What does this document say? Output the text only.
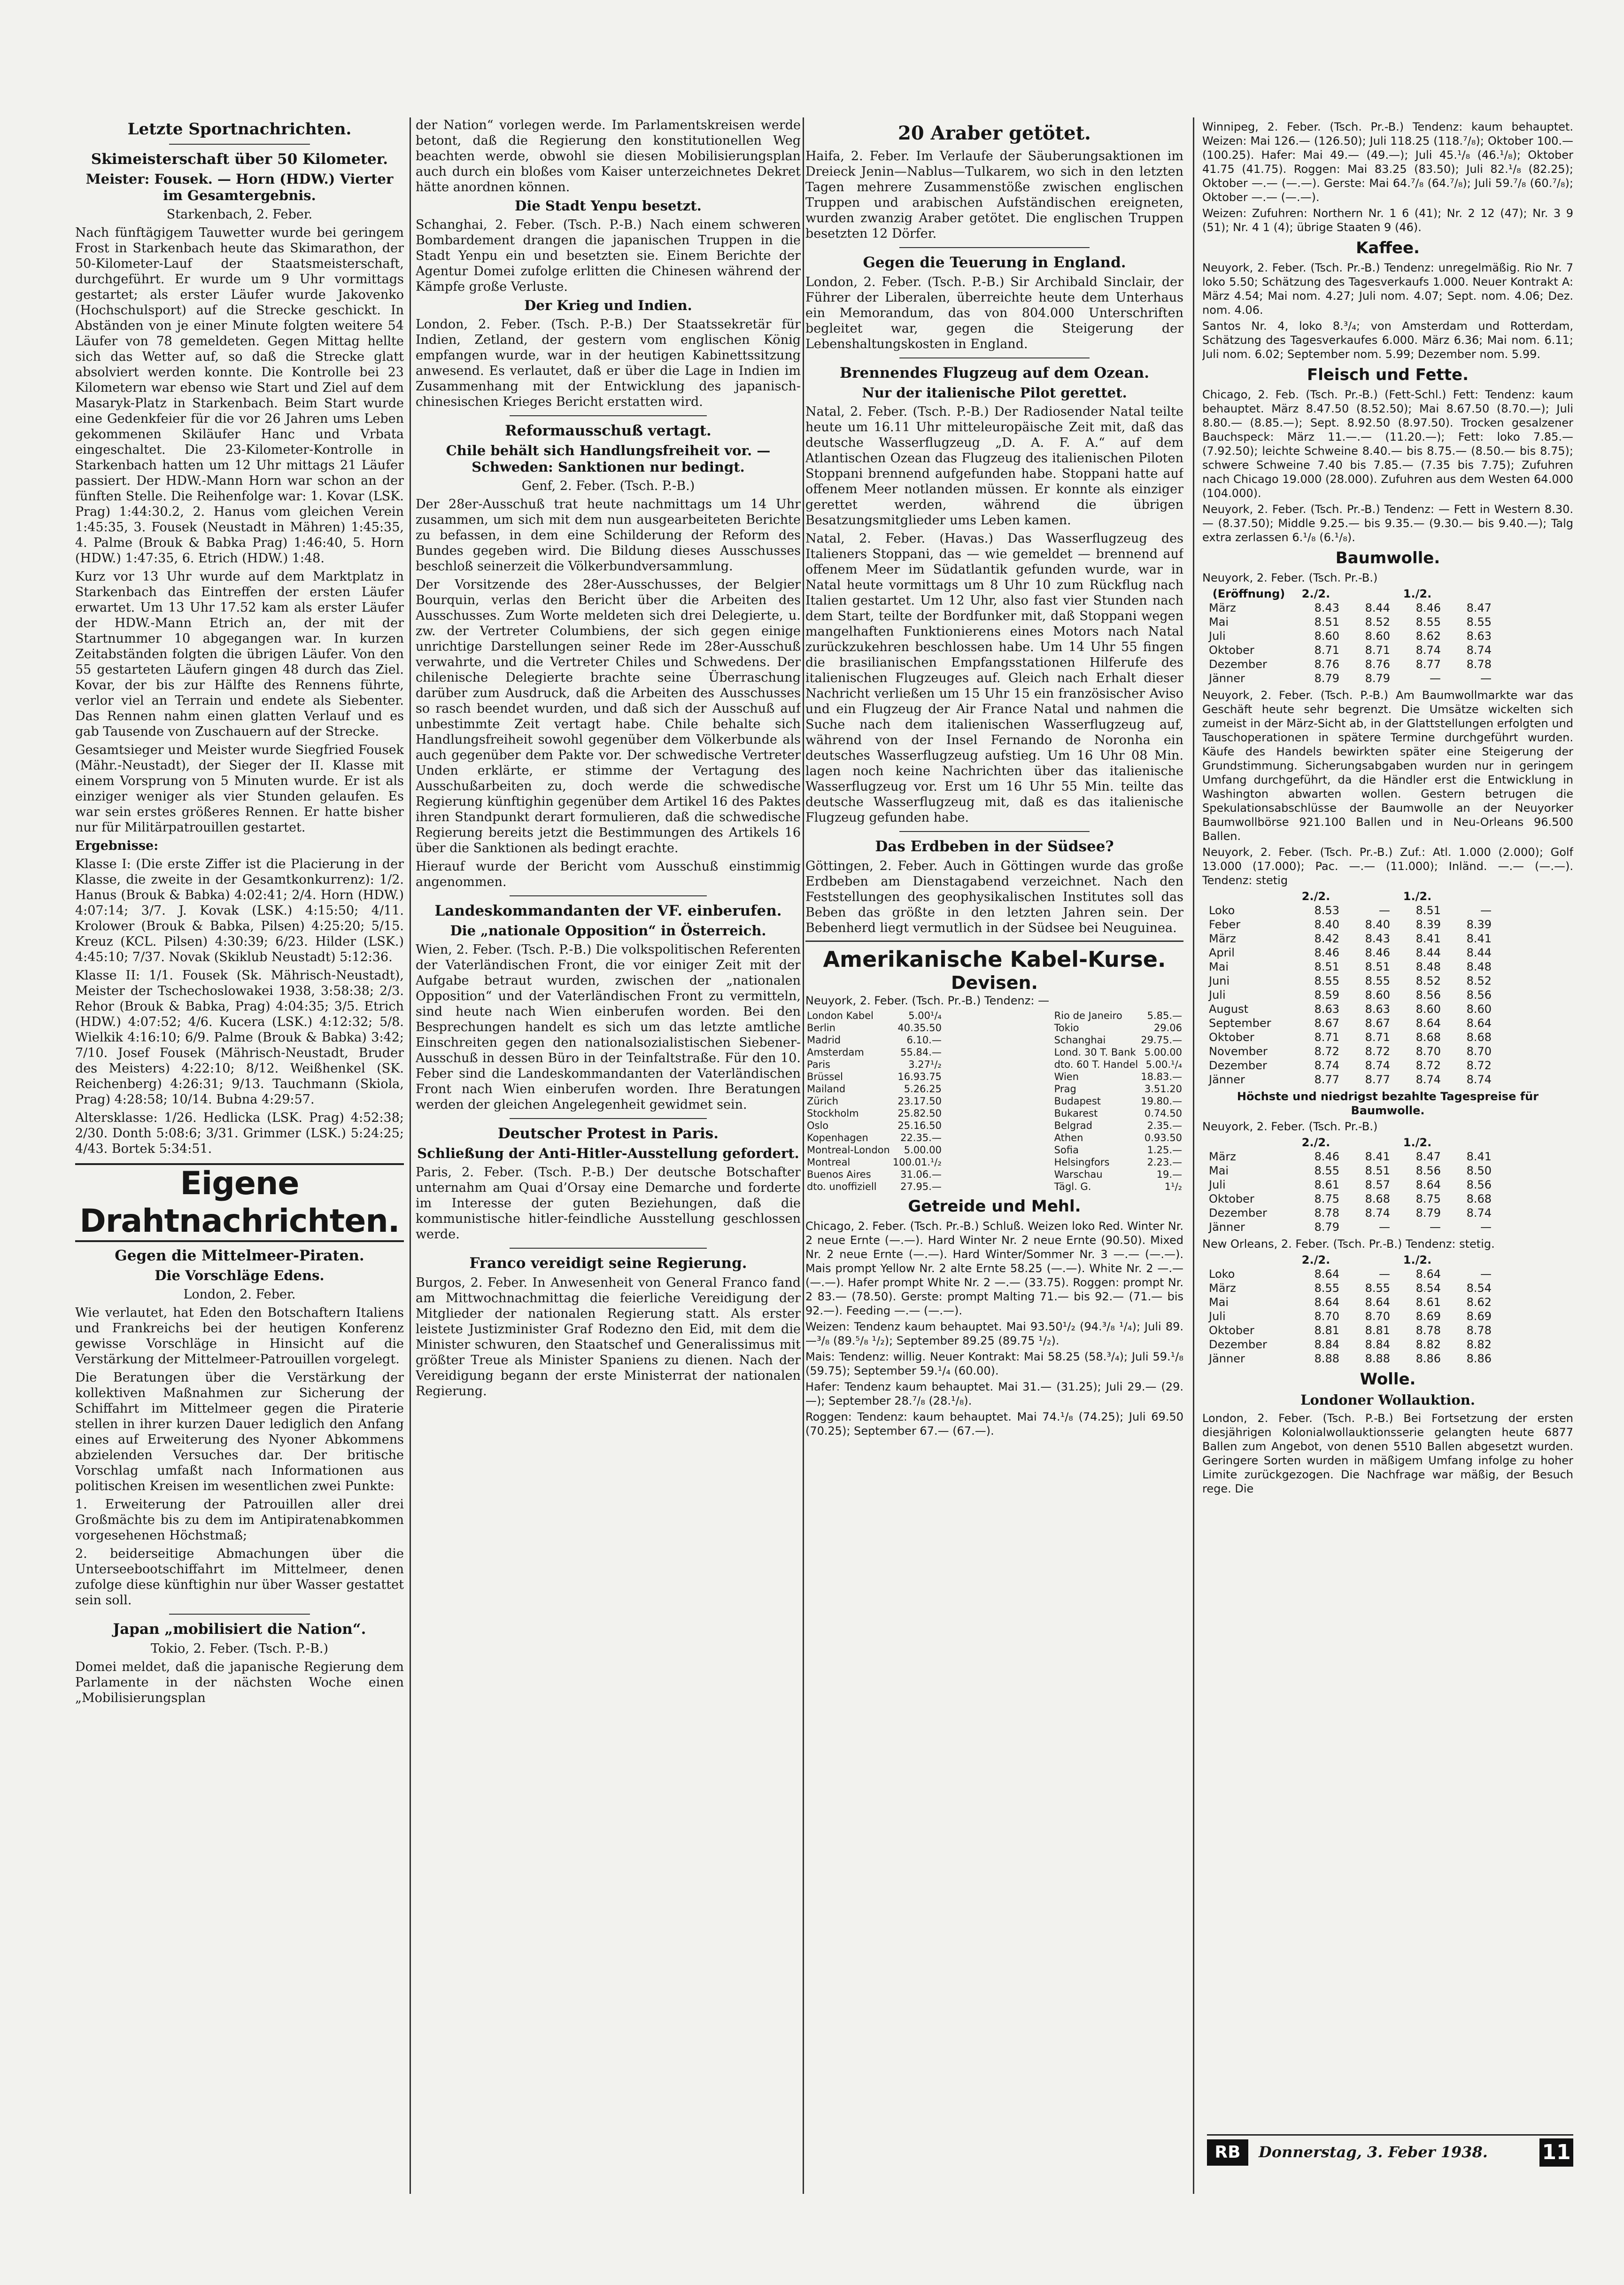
Letzte Sportnachrichten.
Skimeisterschaft über 50 Kilometer.
Meister: Fousek. — Horn (HDW.) Vierter im Gesamtergebnis.

Starkenbach, 2. Feber.

Nach fünftägigem Tauwetter wurde bei geringem Frost in Starkenbach heute das Skimarathon, der 50-Kilometer-Lauf der Staatsmeisterschaft, durchgeführt. Er wurde um 9 Uhr vormittags gestartet; als erster Läufer wurde Jakovenko (Hochschulsport) auf die Strecke geschickt. In Abständen von je einer Minute folgten weitere 54 Läufer von 78 gemeldeten. Gegen Mittag hellte sich das Wetter auf, so daß die Strecke glatt absolviert werden konnte. Die Kontrolle bei 23 Kilometern war ebenso wie Start und Ziel auf dem Masaryk-Platz in Starkenbach. Beim Start wurde eine Gedenkfeier für die vor 26 Jahren ums Leben gekommenen Skiläufer Hanc und Vrbata eingeschaltet. Die 23-Kilometer-Kontrolle in Starkenbach hatten um 12 Uhr mittags 21 Läufer passiert. Der HDW.-Mann Horn war schon an der fünften Stelle. Die Reihenfolge war: 1. Kovar (LSK. Prag) 1:44:30.2, 2. Hanus vom gleichen Verein 1:45:35, 3. Fousek (Neustadt in Mähren) 1:45:35, 4. Palme (Brouk & Babka Prag) 1:46:40, 5. Horn (HDW.) 1:47:35, 6. Etrich (HDW.) 1:48.

Kurz vor 13 Uhr wurde auf dem Marktplatz in Starkenbach das Eintreffen der ersten Läufer erwartet. Um 13 Uhr 17.52 kam als erster Läufer der HDW.-Mann Etrich an, der mit der Startnummer 10 abgegangen war. In kurzen Zeitabständen folgten die übrigen Läufer. Von den 55 gestarteten Läufern gingen 48 durch das Ziel. Kovar, der bis zur Hälfte des Rennens führte, verlor viel an Terrain und endete als Siebenter. Das Rennen nahm einen glatten Verlauf und es gab Tausende von Zuschauern auf der Strecke.

Gesamtsieger und Meister wurde Siegfried Fousek (Mähr.-Neustadt), der Sieger der II. Klasse mit einem Vorsprung von 5 Minuten wurde. Er ist als einziger weniger als vier Stunden gelaufen. Es war sein erstes größeres Rennen. Er hatte bisher nur für Militärpatrouillen gestartet.

Ergebnisse:

Klasse I: (Die erste Ziffer ist die Placierung in der Klasse, die zweite in der Gesamtkonkurrenz): 1/2. Hanus (Brouk & Babka) 4:02:41; 2/4. Horn (HDW.) 4:07:14; 3/7. J. Kovak (LSK.) 4:15:50; 4/11. Krolower (Brouk & Babka, Pilsen) 4:25:20; 5/15. Kreuz (KCL. Pilsen) 4:30:39; 6/23. Hilder (LSK.) 4:45:10; 7/37. Novak (Skiklub Neustadt) 5:12:36.

Klasse II: 1/1. Fousek (Sk. Mährisch-Neustadt), Meister der Tschechoslowakei 1938, 3:58:38; 2/3. Rehor (Brouk & Babka, Prag) 4:04:35; 3/5. Etrich (HDW.) 4:07:52; 4/6. Kucera (LSK.) 4:12:32; 5/8. Wielkik 4:16:10; 6/9. Palme (Brouk & Babka) 3:42; 7/10. Josef Fousek (Mährisch-Neustadt, Bruder des Meisters) 4:22:10; 8/12. Weißhenkel (SK. Reichenberg) 4:26:31; 9/13. Tauchmann (Skiola, Prag) 4:28:58; 10/14. Bubna 4:29:57.

Altersklasse: 1/26. Hedlicka (LSK. Prag) 4:52:38; 2/30. Donth 5:08:6; 3/31. Grimmer (LSK.) 5:24:25; 4/43. Bortek 5:34:51.

Eigene Drahtnachrichten.
Gegen die Mittelmeer-Piraten.
Die Vorschläge Edens.

London, 2. Feber.

Wie verlautet, hat Eden den Botschaftern Italiens und Frankreichs bei der heutigen Konferenz gewisse Vorschläge in Hinsicht auf die Verstärkung der Mittelmeer-Patrouillen vorgelegt.

Die Beratungen über die Verstärkung der kollektiven Maßnahmen zur Sicherung der Schiffahrt im Mittelmeer gegen die Piraterie stellen in ihrer kurzen Dauer lediglich den Anfang eines auf Erweiterung des Nyoner Abkommens abzielenden Versuches dar. Der britische Vorschlag umfaßt nach Informationen aus politischen Kreisen im wesentlichen zwei Punkte:

1. Erweiterung der Patrouillen aller drei Großmächte bis zu dem im Antipiratenabkommen vorgesehenen Höchstmaß;

2. beiderseitige Abmachungen über die Unterseebootschiffahrt im Mittelmeer, denen zufolge diese künftighin nur über Wasser gestattet sein soll.

Japan „mobilisiert die Nation“.

Tokio, 2. Feber. (Tsch. P.-B.)

Domei meldet, daß die japanische Regierung dem Parlamente in der nächsten Woche einen „Mobilisierungsplan

der Nation“ vorlegen werde. Im Parlamentskreisen werde betont, daß die Regierung den konstitutionellen Weg beachten werde, obwohl sie diesen Mobilisierungsplan auch durch ein bloßes vom Kaiser unterzeichnetes Dekret hätte anordnen können.

Die Stadt Yenpu besetzt.

Schanghai, 2. Feber. (Tsch. P.-B.) Nach einem schweren Bombardement drangen die japanischen Truppen in die Stadt Yenpu ein und besetzten sie. Einem Berichte der Agentur Domei zufolge erlitten die Chinesen während der Kämpfe große Verluste.

Der Krieg und Indien.

London, 2. Feber. (Tsch. P.-B.) Der Staatssekretär für Indien, Zetland, der gestern vom englischen König empfangen wurde, war in der heutigen Kabinettssitzung anwesend. Es verlautet, daß er über die Lage in Indien im Zusammenhang mit der Entwicklung des japanisch-chinesischen Krieges Bericht erstatten wird.

Reformausschuß vertagt.
Chile behält sich Handlungsfreiheit vor. — Schweden: Sanktionen nur bedingt.

Genf, 2. Feber. (Tsch. P.-B.)

Der 28er-Ausschuß trat heute nachmittags um 14 Uhr zusammen, um sich mit dem nun ausgearbeiteten Berichte zu befassen, in dem eine Schilderung der Reform des Bundes gegeben wird. Die Bildung dieses Ausschusses beschloß seinerzeit die Völkerbundversammlung.

Der Vorsitzende des 28er-Ausschusses, der Belgier Bourquin, verlas den Bericht über die Arbeiten des Ausschusses. Zum Worte meldeten sich drei Delegierte, u. zw. der Vertreter Columbiens, der sich gegen einige unrichtige Darstellungen seiner Rede im 28er-Ausschuß verwahrte, und die Vertreter Chiles und Schwedens. Der chilenische Delegierte brachte seine Überraschung darüber zum Ausdruck, daß die Arbeiten des Ausschusses so rasch beendet wurden, und daß sich der Ausschuß auf unbestimmte Zeit vertagt habe. Chile behalte sich Handlungsfreiheit sowohl gegenüber dem Völkerbunde als auch gegenüber dem Pakte vor. Der schwedische Vertreter Unden erklärte, er stimme der Vertagung des Ausschußarbeiten zu, doch werde die schwedische Regierung künftighin gegenüber dem Artikel 16 des Paktes ihren Standpunkt derart formulieren, daß die schwedische Regierung bereits jetzt die Bestimmungen des Artikels 16 über die Sanktionen als bedingt erachte.

Hierauf wurde der Bericht vom Ausschuß einstimmig angenommen.

Landeskommandanten der VF. einberufen.
Die „nationale Opposition“ in Österreich.

Wien, 2. Feber. (Tsch. P.-B.) Die volkspolitischen Referenten der Vaterländischen Front, die vor einiger Zeit mit der Aufgabe betraut wurden, zwischen der „nationalen Opposition“ und der Vaterländischen Front zu vermitteln, sind heute nach Wien einberufen worden. Bei den Besprechungen handelt es sich um das letzte amtliche Einschreiten gegen den nationalsozialistischen Siebener-Ausschuß in dessen Büro in der Teinfaltstraße. Für den 10. Feber sind die Landeskommandanten der Vaterländischen Front nach Wien einberufen worden. Ihre Beratungen werden der gleichen Angelegenheit gewidmet sein.

Deutscher Protest in Paris.
Schließung der Anti-Hitler-Ausstellung gefordert.

Paris, 2. Feber. (Tsch. P.-B.) Der deutsche Botschafter unternahm am Quai d’Orsay eine Demarche und forderte im Interesse der guten Beziehungen, daß die kommunistische hitler-feindliche Ausstellung geschlossen werde.

Franco vereidigt seine Regierung.

Burgos, 2. Feber. In Anwesenheit von General Franco fand am Mittwochnachmittag die feierliche Vereidigung der Mitglieder der nationalen Regierung statt. Als erster leistete Justizminister Graf Rodezno den Eid, mit dem die Minister schwuren, den Staatschef und Generalissimus mit größter Treue als Minister Spaniens zu dienen. Nach der Vereidigung begann der erste Ministerrat der nationalen Regierung.

20 Araber getötet.

Haifa, 2. Feber. Im Verlaufe der Säuberungsaktionen im Dreieck Jenin—Nablus—Tulkarem, wo sich in den letzten Tagen mehrere Zusammenstöße zwischen englischen Truppen und arabischen Aufständischen ereigneten, wurden zwanzig Araber getötet. Die englischen Truppen besetzten 12 Dörfer.

Gegen die Teuerung in England.

London, 2. Feber. (Tsch. P.-B.) Sir Archibald Sinclair, der Führer der Liberalen, überreichte heute dem Unterhaus ein Memorandum, das von 804.000 Unterschriften begleitet war, gegen die Steigerung der Lebenshaltungskosten in England.

Brennendes Flugzeug auf dem Ozean.
Nur der italienische Pilot gerettet.

Natal, 2. Feber. (Tsch. P.-B.) Der Radiosender Natal teilte heute um 16.11 Uhr mitteleuropäische Zeit mit, daß das deutsche Wasserflugzeug „D. A. F. A.“ auf dem Atlantischen Ozean das Flugzeug des italienischen Piloten Stoppani brennend aufgefunden habe. Stoppani hatte auf offenem Meer notlanden müssen. Er konnte als einziger gerettet werden, während die übrigen Besatzungsmitglieder ums Leben kamen.

Natal, 2. Feber. (Havas.) Das Wasserflugzeug des Italieners Stoppani, das — wie gemeldet — brennend auf offenem Meer im Südatlantik gefunden wurde, war in Natal heute vormittags um 8 Uhr 10 zum Rückflug nach Italien gestartet. Um 12 Uhr, also fast vier Stunden nach dem Start, teilte der Bordfunker mit, daß Stoppani wegen mangelhaften Funktionierens eines Motors nach Natal zurückzukehren beschlossen habe. Um 14 Uhr 55 fingen die brasilianischen Empfangsstationen Hilferufe des italienischen Flugzeuges auf. Gleich nach Erhalt dieser Nachricht verließen um 15 Uhr 15 ein französischer Aviso und ein Flugzeug der Air France Natal und nahmen die Suche nach dem italienischen Wasserflugzeug auf, während von der Insel Fernando de Noronha ein deutsches Wasserflugzeug aufstieg. Um 16 Uhr 08 Min. lagen noch keine Nachrichten über das italienische Wasserflugzeug vor. Erst um 16 Uhr 55 Min. teilte das deutsche Wasserflugzeug mit, daß es das italienische Flugzeug gefunden habe.

Das Erdbeben in der Südsee?

Göttingen, 2. Feber. Auch in Göttingen wurde das große Erdbeben am Dienstagabend verzeichnet. Nach den Feststellungen des geophysikalischen Institutes soll das Beben das größte in den letzten Jahren sein. Der Bebenherd liegt vermutlich in der Südsee bei Neuguinea.

Amerikanische Kabel-Kurse.
Devisen.

Neuyork, 2. Feber. (Tsch. Pr.-B.) Tendenz: —

London Kabel	5.00¹/₄
Berlin	40.35.50
Madrid	6.10.—
Amsterdam	55.84.—
Paris	3.27¹/₂
Brüssel	16.93.75
Mailand	5.26.25
Zürich	23.17.50
Stockholm	25.82.50
Oslo	25.16.50
Kopenhagen	22.35.—
Montreal-London	5.00.00
Montreal	100.01.¹/₂
Buenos Aires	31.06.—
dto. unoffiziell	27.95.—
Rio de Janeiro	5.85.—
Tokio	29.06
Schanghai	29.75.—
Lond. 30 T. Bank	5.00.00
dto. 60 T. Handel	5.00.¹/₄
Wien	18.83.—
Prag	3.51.20
Budapest	19.80.—
Bukarest	0.74.50
Belgrad	2.35.—
Athen	0.93.50
Sofia	1.25.—
Helsingfors	2.23.—
Warschau	19.—
Tägl. G.	1¹/₂
Getreide und Mehl.

Chicago, 2. Feber. (Tsch. Pr.-B.) Schluß. Weizen loko Red. Winter Nr. 2 neue Ernte (—.—). Hard Winter Nr. 2 neue Ernte (90.50). Mixed Nr. 2 neue Ernte (—.—). Hard Winter/Sommer Nr. 3 —.— (—.—). Mais prompt Yellow Nr. 2 alte Ernte 58.25 (—.—). White Nr. 2 —.— (—.—). Hafer prompt White Nr. 2 —.— (33.75). Roggen: prompt Nr. 2 83.— (78.50). Gerste: prompt Malting 71.— bis 92.— (71.— bis 92.—). Feeding —.— (—.—).

Weizen: Tendenz kaum behauptet. Mai 93.50¹/₂ (94.³/₈ ¹/₄); Juli 89.—³/₈ (89.⁵/₈ ¹/₂); September 89.25 (89.75 ¹/₂).

Mais: Tendenz: willig. Neuer Kontrakt: Mai 58.25 (58.³/₄); Juli 59.¹/₈ (59.75); September 59.¹/₄ (60.00).

Hafer: Tendenz kaum behauptet. Mai 31.— (31.25); Juli 29.— (29.—); September 28.⁷/₈ (28.¹/₈).

Roggen: Tendenz: kaum behauptet. Mai 74.¹/₈ (74.25); Juli 69.50 (70.25); September 67.— (67.—).

Winnipeg, 2. Feber. (Tsch. Pr.-B.) Tendenz: kaum behauptet. Weizen: Mai 126.— (126.50); Juli 118.25 (118.⁷/₈); Oktober 100.— (100.25). Hafer: Mai 49.— (49.—); Juli 45.¹/₈ (46.¹/₈); Oktober 41.75 (41.75). Roggen: Mai 83.25 (83.50); Juli 82.¹/₈ (82.25); Oktober —.— (—.—). Gerste: Mai 64.⁷/₈ (64.⁷/₈); Juli 59.⁷/₈ (60.⁷/₈); Oktober —.— (—.—).

Weizen: Zufuhren: Northern Nr. 1 6 (41); Nr. 2 12 (47); Nr. 3 9 (51); Nr. 4 1 (4); übrige Staaten 9 (46).

Kaffee.

Neuyork, 2. Feber. (Tsch. Pr.-B.) Tendenz: unregelmäßig. Rio Nr. 7 loko 5.50; Schätzung des Tagesverkaufs 1.000. Neuer Kontrakt A: März 4.54; Mai nom. 4.27; Juli nom. 4.07; Sept. nom. 4.06; Dez. nom. 4.06.

Santos Nr. 4, loko 8.³/₄; von Amsterdam und Rotterdam, Schätzung des Tagesverkaufes 6.000. März 6.36; Mai nom. 6.11; Juli nom. 6.02; September nom. 5.99; Dezember nom. 5.99.

Fleisch und Fette.

Chicago, 2. Feb. (Tsch. Pr.-B.) (Fett-Schl.) Fett: Tendenz: kaum behauptet. März 8.47.50 (8.52.50); Mai 8.67.50 (8.70.—); Juli 8.80.— (8.85.—); Sept. 8.92.50 (8.97.50). Trocken gesalzener Bauchspeck: März 11.—.— (11.20.—); Fett: loko 7.85.— (7.92.50); leichte Schweine 8.40.— bis 8.75.— (8.50.— bis 8.75); schwere Schweine 7.40 bis 7.85.— (7.35 bis 7.75); Zufuhren nach Chicago 19.000 (28.000). Zufuhren aus dem Westen 64.000 (104.000).

Neuyork, 2. Feber. (Tsch. Pr.-B.) Tendenz: — Fett in Western 8.30.— (8.37.50); Middle 9.25.— bis 9.35.— (9.30.— bis 9.40.—); Talg extra zerlassen 6.¹/₈ (6.¹/₈).

Baumwolle.

Neuyork, 2. Feber. (Tsch. Pr.-B.)

(Eröffnung)	2./2.		1./2.	
März	8.43	8.44	8.46	8.47
Mai	8.51	8.52	8.55	8.55
Juli	8.60	8.60	8.62	8.63
Oktober	8.71	8.71	8.74	8.74
Dezember	8.76	8.76	8.77	8.78
Jänner	8.79	8.79	—	—

Neuyork, 2. Feber. (Tsch. P.-B.) Am Baumwollmarkte war das Geschäft heute sehr begrenzt. Die Umsätze wickelten sich zumeist in der März-Sicht ab, in der Glattstellungen erfolgten und Tauschoperationen in spätere Termine durchgeführt wurden. Käufe des Handels bewirkten später eine Steigerung der Grundstimmung. Sicherungsabgaben wurden nur in geringem Umfang durchgeführt, da die Händler erst die Entwicklung in Washington abwarten wollen. Gestern betrugen die Spekulationsabschlüsse der Baumwolle an der Neuyorker Baumwollbörse 921.100 Ballen und in Neu-Orleans 96.500 Ballen.

Neuyork, 2. Feber. (Tsch. Pr.-B.) Zuf.: Atl. 1.000 (2.000); Golf 13.000 (17.000); Pac. —.— (11.000); Inländ. —.— (—.—). Tendenz: stetig

	2./2.		1./2.	
Loko	8.53	—	8.51	—
Feber	8.40	8.40	8.39	8.39
März	8.42	8.43	8.41	8.41
April	8.46	8.46	8.44	8.44
Mai	8.51	8.51	8.48	8.48
Juni	8.55	8.55	8.52	8.52
Juli	8.59	8.60	8.56	8.56
August	8.63	8.63	8.60	8.60
September	8.67	8.67	8.64	8.64
Oktober	8.71	8.71	8.68	8.68
November	8.72	8.72	8.70	8.70
Dezember	8.74	8.74	8.72	8.72
Jänner	8.77	8.77	8.74	8.74

Höchste und niedrigst bezahlte Tagespreise für Baumwolle.

Neuyork, 2. Feber. (Tsch. Pr.-B.)

	2./2.		1./2.	
März	8.46	8.41	8.47	8.41
Mai	8.55	8.51	8.56	8.50
Juli	8.61	8.57	8.64	8.56
Oktober	8.75	8.68	8.75	8.68
Dezember	8.78	8.74	8.79	8.74
Jänner	8.79	—	—	—

New Orleans, 2. Feber. (Tsch. Pr.-B.) Tendenz: stetig.

	2./2.		1./2.	
Loko	8.64	—	8.64	—
März	8.55	8.55	8.54	8.54
Mai	8.64	8.64	8.61	8.62
Juli	8.70	8.70	8.69	8.69
Oktober	8.81	8.81	8.78	8.78
Dezember	8.84	8.84	8.82	8.82
Jänner	8.88	8.88	8.86	8.86
Wolle.
Londoner Wollauktion.

London, 2. Feber. (Tsch. P.-B.) Bei Fortsetzung der ersten diesjährigen Kolonialwollauktionsserie gelangten heute 6877 Ballen zum Angebot, von denen 5510 Ballen abgesetzt wurden. Geringere Sorten wurden in mäßigem Umfang infolge zu hoher Limite zurückgezogen. Die Nachfrage war mäßig, der Besuch rege. Die

RB	Donnerstag, 3. Feber 1938.	11
